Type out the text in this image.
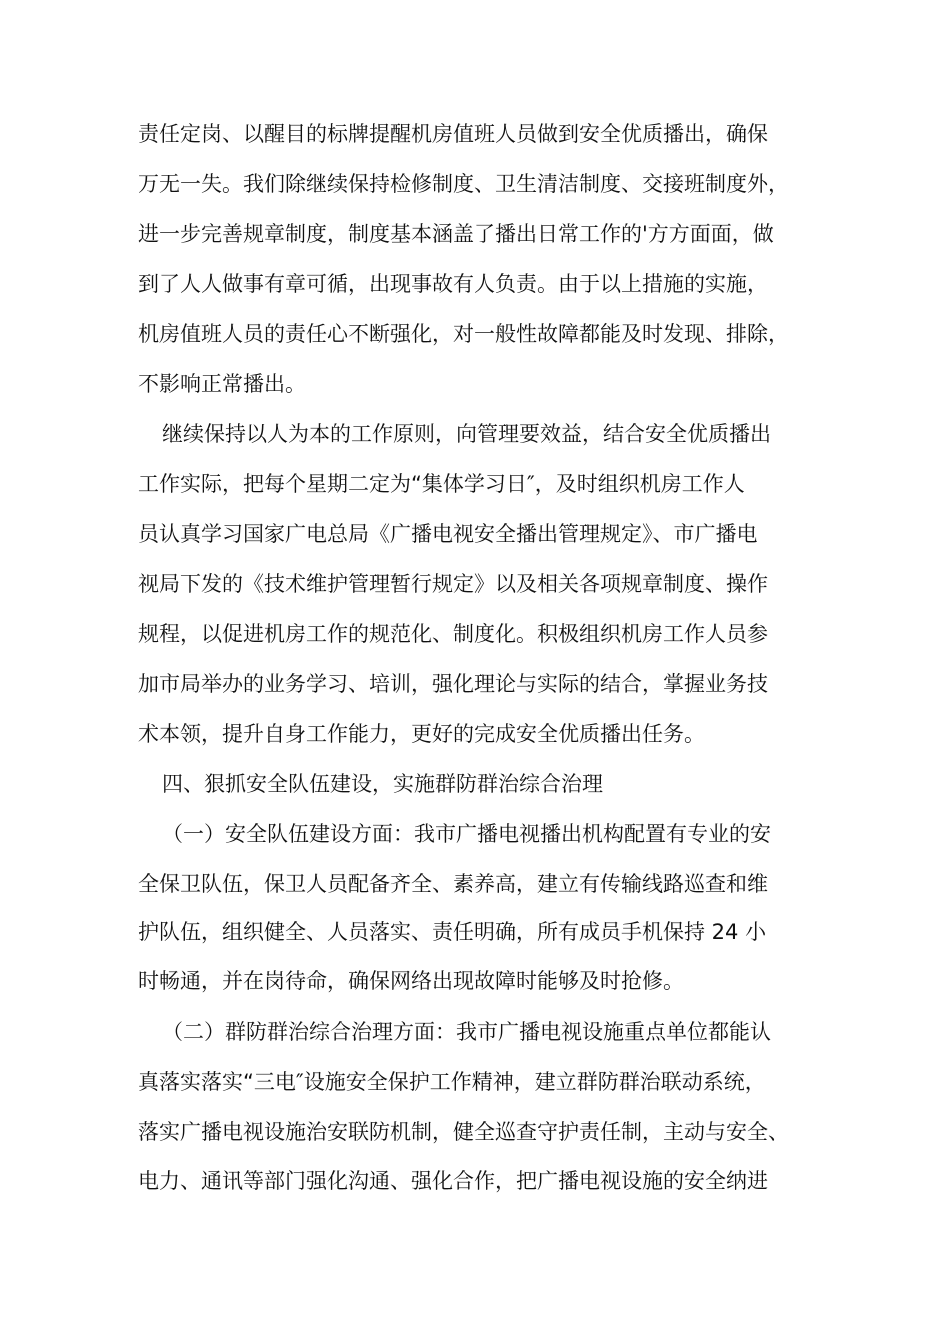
责任定岗、以醒目的标牌提醒机房值班人员做到安全优质播出，确保
万无一失。我们除继续保持检修制度、卫生清洁制度、交接班制度外，
进一步完善规章制度，制度基本涵盖了播出日常工作的'方方面面，做
到了人人做事有章可循，出现事故有人负责。由于以上措施的实施，
机房值班人员的责任心不断强化，对一般性故障都能及时发现、排除，
不影响正常播出。
继续保持以人为本的工作原则，向管理要效益，结合安全优质播出
工作实际，把每个星期二定为“集体学习日″，及时组织机房工作人
员认真学习国家广电总局《广播电视安全播出管理规定》、市广播电
视局下发的《技术维护管理暂行规定》以及相关各项规章制度、操作
规程，以促进机房工作的规范化、制度化。积极组织机房工作人员参
加市局举办的业务学习、培训，强化理论与实际的结合，掌握业务技
术本领，提升自身工作能力，更好的完成安全优质播出任务。
四、狠抓安全队伍建设，实施群防群治综合治理
（一）安全队伍建设方面：我市广播电视播出机构配置有专业的安
全保卫队伍，保卫人员配备齐全、素养高，建立有传输线路巡查和维
护队伍，组织健全、人员落实、责任明确，所有成员手机保持 24 小
时畅通，并在岗待命，确保网络出现故障时能够及时抢修。
（二）群防群治综合治理方面：我市广播电视设施重点单位都能认
真落实落实“三电″设施安全保护工作精神，建立群防群治联动系统，
落实广播电视设施治安联防机制，健全巡查守护责任制，主动与安全、
电力、通讯等部门强化沟通、强化合作，把广播电视设施的安全纳进
